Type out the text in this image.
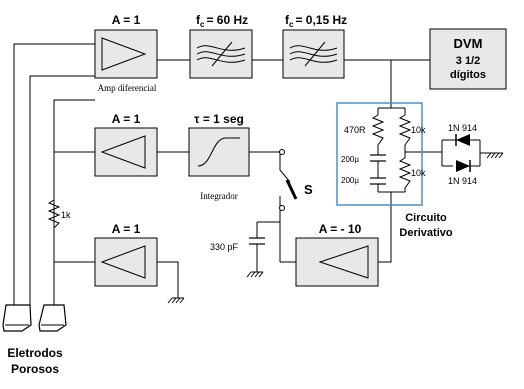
A = 1
Amp diferencial
$f_c = 60$ Hz	$f_c = 0,15$ Hz
DVM
3 1/2
dígitos
A = 1	τ = 1 seg
Integrador
A = 1	A = - 10
S
1k
330 pF
470R	10k
10k
200µ
200µ
1N 914
1N 914
Circuito
Derivativo
Eletrodos
Porosos
